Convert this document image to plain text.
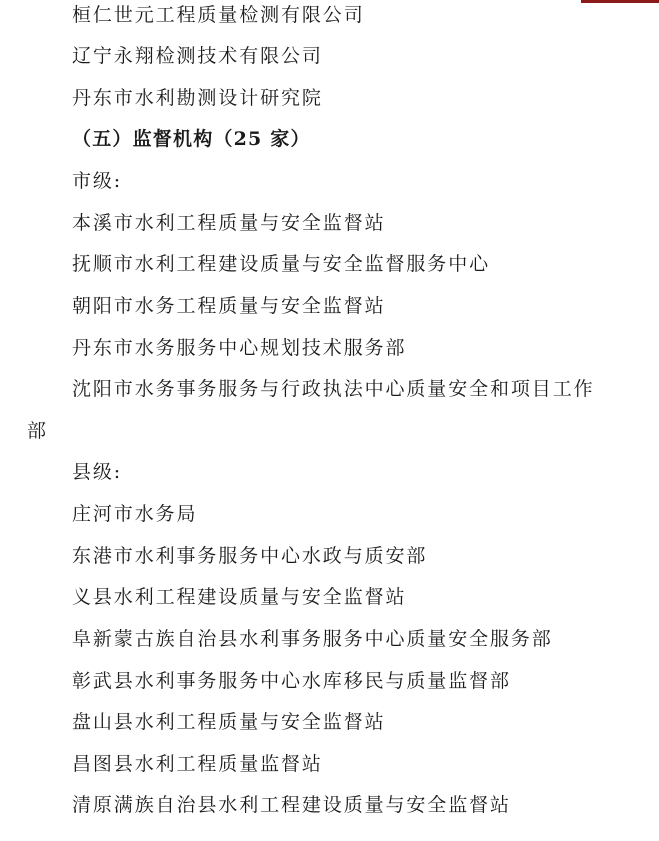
桓仁世元工程质量检测有限公司
辽宁永翔检测技术有限公司
丹东市水利勘测设计研究院
（五）监督机构（25 家）
市级:
本溪市水利工程质量与安全监督站
抚顺市水利工程建设质量与安全监督服务中心
朝阳市水务工程质量与安全监督站
丹东市水务服务中心规划技术服务部
沈阳市水务事务服务与行政执法中心质量安全和项目工作
部
县级:
庄河市水务局
东港市水利事务服务中心水政与质安部
义县水利工程建设质量与安全监督站
阜新蒙古族自治县水利事务服务中心质量安全服务部
彰武县水利事务服务中心水库移民与质量监督部
盘山县水利工程质量与安全监督站
昌图县水利工程质量监督站
清原满族自治县水利工程建设质量与安全监督站
